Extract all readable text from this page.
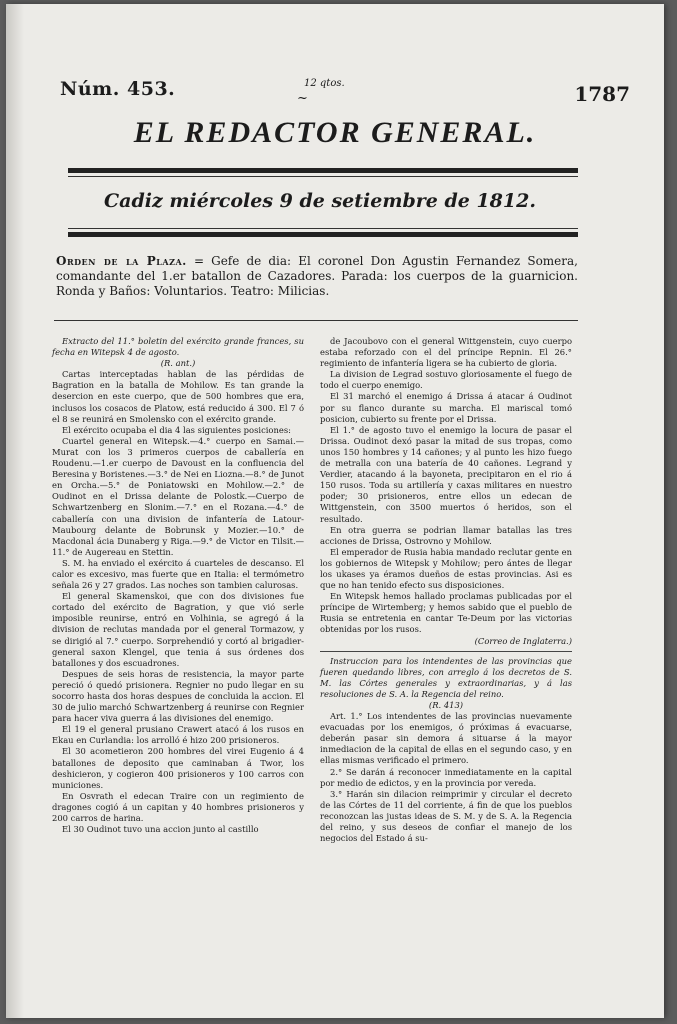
Núm. 453.	12 qtos.
~	1787
EL REDACTOR GENERAL.
Cadiz miércoles 9 de setiembre de 1812.
Orden de la Plaza. = Gefe de dia: El coronel Don Agustin Fernandez Somera, comandante del 1.er batallon de Cazadores. Parada: los cuerpos de la guarnicion. Ronda y Baños: Voluntarios. Teatro: Milicias.

Extracto del 11.° boletin del exército grande frances, su fecha en Witepsk 4 de agosto.

(R. ant.)

Cartas interceptadas hablan de las pérdidas de Bagration en la batalla de Mohilow. Es tan grande la desercion en este cuerpo, que de 500 hombres que era, inclusos los cosacos de Platow, está reducido á 300. El 7 ó el 8 se reunirá en Smolensko con el exército grande.

El exército ocupaba el dia 4 las siguientes posiciones:

Cuartel general en Witepsk.—4.° cuerpo en Samai.—Murat con los 3 primeros cuerpos de caballería en Roudenu.—1.er cuerpo de Davoust en la confluencia del Beresina y Boristenes.—3.° de Nei en Liozna.—8.° de Junot en Orcha.—5.° de Poniatowski en Mohilow.—2.° de Oudinot en el Drissa delante de Polostk.—Cuerpo de Schwartzenberg en Slonim.—7.° en el Rozana.—4.° de caballería con una division de infantería de Latour-Maubourg delante de Bobrunsk y Mozier.—10.° de Macdonal ácia Dunaberg y Riga.—9.° de Victor en Tilsit.—11.° de Augereau en Stettin.

S. M. ha enviado el exército á cuarteles de descanso. El calor es excesivo, mas fuerte que en Italia: el termómetro señala 26 y 27 grados. Las noches son tambien calurosas.

El general Skamenskoi, que con dos divisiones fue cortado del exército de Bagration, y que vió serle imposible reunirse, entró en Volhinia, se agregó á la division de reclutas mandada por el general Tormazow, y se dirigió al 7.° cuerpo. Sorprehendió y cortó al brigadier-general saxon Klengel, que tenia á sus órdenes dos batallones y dos escuadrones.

Despues de seis horas de resistencia, la mayor parte pereció ó quedó prisionera. Regnier no pudo llegar en su socorro hasta dos horas despues de concluida la accion. El 30 de julio marchó Schwartzenberg á reunirse con Regnier para hacer viva guerra á las divisiones del enemigo.

El 19 el general prusiano Crawert atacó á los rusos en Ekau en Curlandia: los arrolló é hizo 200 prisioneros.

El 30 acometieron 200 hombres del virei Eugenio á 4 batallones de deposito que caminaban á Twor, los deshicieron, y cogieron 400 prisioneros y 100 carros con municiones.

En Osvrath el edecan Traire con un regimiento de dragones cogió á un capitan y 40 hombres prisioneros y 200 carros de harina.

El 30 Oudinot tuvo una accion junto al castillo

de Jacoubovo con el general Wittgenstein, cuyo cuerpo estaba reforzado con el del príncipe Repnin. El 26.° regimiento de infantería ligera se ha cubierto de gloria.

La division de Legrad sostuvo gloriosamente el fuego de todo el cuerpo enemigo.

El 31 marchó el enemigo á Drissa á atacar á Oudinot por su flanco durante su marcha. El mariscal tomó posicion, cubierto su frente por el Drissa.

El 1.° de agosto tuvo el enemigo la locura de pasar el Drissa. Oudinot dexó pasar la mitad de sus tropas, como unos 150 hombres y 14 cañones; y al punto les hizo fuego de metralla con una batería de 40 cañones. Legrand y Verdier, atacando á la bayoneta, precipitaron en el rio á 150 rusos. Toda su artillería y caxas militares en nuestro poder; 30 prisioneros, entre ellos un edecan de Wittgenstein, con 3500 muertos ó heridos, son el resultado.

En otra guerra se podrian llamar batallas las tres acciones de Drissa, Ostrovno y Mohilow.

El emperador de Rusia habia mandado reclutar gente en los gobiernos de Witepsk y Mohilow; pero ántes de llegar los ukases ya éramos dueños de estas provincias. Asi es que no han tenido efecto sus disposiciones.

En Witepsk hemos hallado proclamas publicadas por el príncipe de Wirtemberg; y hemos sabido que el pueblo de Rusia se entretenia en cantar Te-Deum por las victorias obtenidas por los rusos.

(Correo de Inglaterra.)

Instruccion para los intendentes de las provincias que fueren quedando libres, con arreglo á los decretos de S. M. las Córtes generales y extraordinarias, y á las resoluciones de S. A. la Regencia del reino.

(R. 413)

Art. 1.° Los intendentes de las provincias nuevamente evacuadas por los enemigos, ó próximas á evacuarse, deberán pasar sin demora á situarse á la mayor inmediacion de la capital de ellas en el segundo caso, y en ellas mismas verificado el primero.

2.° Se darán á reconocer inmediatamente en la capital por medio de edictos, y en la provincia por vereda.

3.° Harán sin dilacion reimprimir y circular el decreto de las Córtes de 11 del corriente, á fin de que los pueblos reconozcan las justas ideas de S. M. y de S. A. la Regencia del reino, y sus deseos de confiar el manejo de los negocios del Estado á su-
